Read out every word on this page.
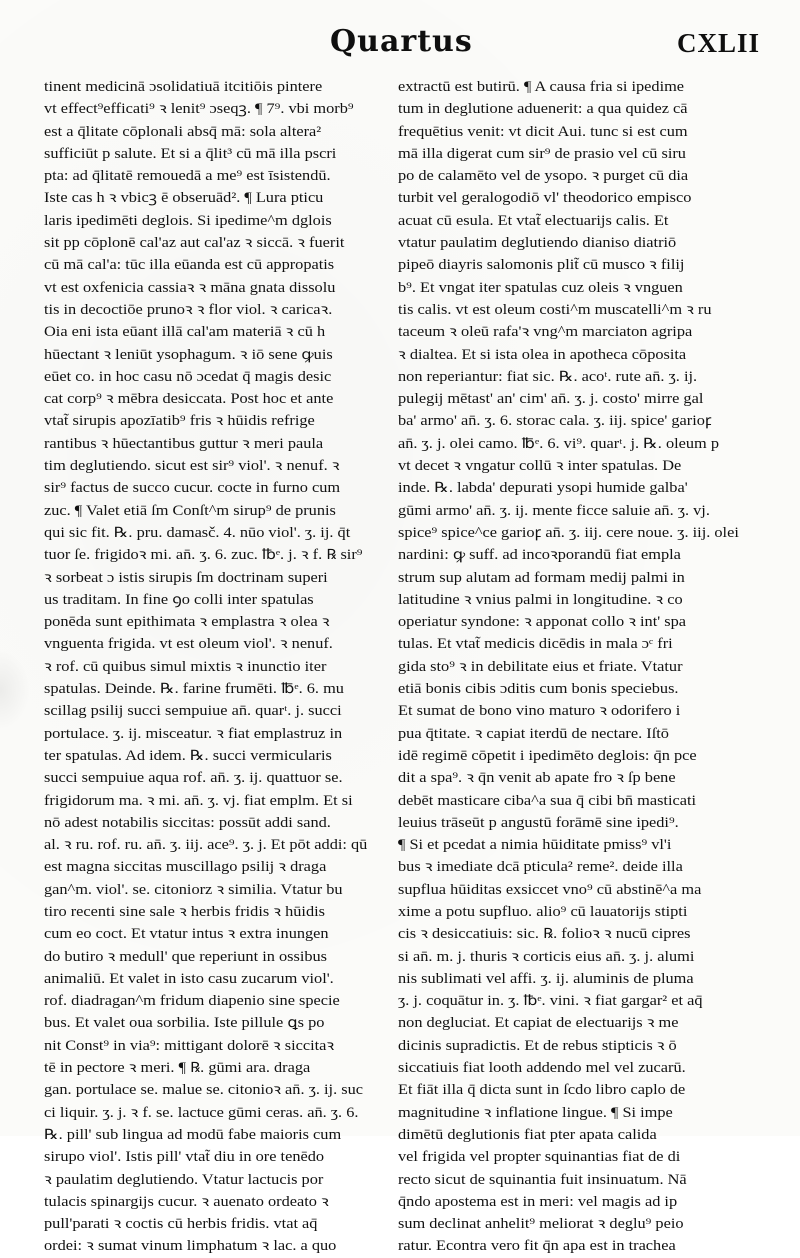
Quartus	CXLII
tinent medicinā ɔsolidatiuā itcitiōis pintere
vt effect⁹efficati⁹ ꝛ lenit⁹ ɔseqꝫ. ¶ 7⁹. vbi morb⁹
est a q̄litate cōplonali absq̄ mā: sola altera²
sufficiūt p salute. Et si a q̄lit³ cū mā illa pscri
pta: ad q̄litatē remouedā a me⁹ est īsistendū.
Iste cas h ꝛ vbicꝫ ē obseruād². ¶ Lura pticu
laris ipedimēti deglois. Si ipedime^m dglois
sit pp cōplonē cal'az aut cal'az ꝛ siccā. ꝛ fuerit
cū mā cal'a: tūc illa eūanda est cū appropatis
vt est oxfenicia cassiaꝛ ꝛ māna gnata dissolu
tis in decoctiōe prunoꝛ ꝛ flor viol. ꝛ caricaꝛ.
Oia eni ista eūant illā cal'am materiā ꝛ cū h
hūectant ꝛ leniūt ysophagum. ꝛ iō sene ꝙuis
eūet co. in hoc casu nō ɔcedat q̄ magis desic
cat corp⁹ ꝛ mēbra desiccata. Post hoc et ante
vtat̃ sirupis apozīatib⁹ fris ꝛ hūidis refrige
rantibus ꝛ hūectantibus guttur ꝛ meri paula
tim deglutiendo. sicut est sir⁹ viol'. ꝛ nenuf. ꝛ
sir⁹ factus de succo cucur. cocte in furno cum
zuc. ¶ Valet etiā ſm Conſt^m sirup⁹ de prunis
qui sic fit. ℞. pru. damasč. 4. nūo viol'. ʒ. ij. q̄t
tuor ſe. frigidoꝛ mi. an̄. ʒ. 6. zuc. ℔ᵉ. j. ꝛ f. ℞ sir⁹
ꝛ sorbeat ɔ istis sirupis ſm doctrinam superi
us traditam. In fine ꝯo colli inter spatulas
ponēda sunt epithimata ꝛ emplastra ꝛ olea ꝛ
vnguenta frigida. vt est oleum viol'. ꝛ nenuf.
ꝛ rof. cū quibus simul mixtis ꝛ inunctio iter
spatulas. Deinde. ℞. farine frumēti. ℔ᵉ. 6. mu
scillag psilij succi sempuiue an̄. quarᵗ. j. succi
portulace. ʒ. ij. misceatur. ꝛ fiat emplastruz in
ter spatulas. Ad idem. ℞. succi vermicularis
succi sempuiue aqua rof. an̄. ʒ. ij. quattuor se.
frigidorum ma. ꝛ mi. an̄. ʒ. vj. fiat emplm. Et si
nō adest notabilis siccitas: possūt addi sand.
al. ꝛ ru. rof. ru. an̄. ʒ. iij. ace⁹. ʒ. j. Et pōt addi: qū
est magna siccitas muscillago psilij ꝛ draga
gan^m. viol'. se. citoniorz ꝛ similia. Vtatur bu
tiro recenti sine sale ꝛ herbis fridis ꝛ hūidis
cum eo coct. Et vtatur intus ꝛ extra inungen
do butiro ꝛ medull' que reperiunt in ossibus
animaliū. Et valet in isto casu zucarum viol'.
rof. diadragan^m fridum diapenio sine specie
bus. Et valet oua sorbilia. Iste pillule ꝗs po
nit Const⁹ in via⁹: mittigant dolorē ꝛ siccitaꝛ
tē in pectore ꝛ meri. ¶ ℞. gūmi ara. draga
gan. portulace se. malue se. citonioꝛ an̄. ʒ. ij. suc
ci liquir. ʒ. j. ꝛ f. se. lactuce gūmi ceras. an̄. ʒ. 6.
℞. pill' sub lingua ad modū fabe maioris cum
sirupo viol'. Istis pill' vtat̃ diu in ore tenēdo
ꝛ paulatim deglutiendo. Vtatur lactucis por
tulacis spinargijs cucur. ꝛ auenato ordeato ꝛ
pull'parati ꝛ coctis cū herbis fridis. vtat aq̄
ordei: ꝛ sumat vinum limphatum ꝛ lac. a quo
extractū est butirū. ¶ A causa fria si ipedime
tum in deglutione aduenerit: a qua quidez cā
frequētius venit: vt dicit Aui. tunc si est cum
mā illa digerat cum sir⁹ de prasio vel cū siru
po de calamēto vel de ysopo. ꝛ purget cū dia
turbit vel geralogodiō vl' theodorico empisco
acuat cū esula. Et vtat̃ electuarijs calis. Et
vtatur paulatim deglutiendo dianiso diatriō
pipeō diayris salomonis plit̃ cū musco ꝛ filij
b⁹. Et vngat iter spatulas cuz oleis ꝛ vnguen
tis calis. vt est oleum costi^m muscatelli^m ꝛ ru
taceum ꝛ oleū rafa'ꝛ vng^m marciaton agripa
ꝛ dialtea. Et si ista olea in apotheca cōposita
non reperiantur: fiat sic. ℞. acoᵗ. rute an̄. ʒ. ij.
pulegij mētast' an' cim' an̄. ʒ. j. costo' mirre gal
ba' armo' an̄. ʒ. 6. storac cala. ʒ. iij. spice' garioꝼ
an̄. ʒ. j. olei camo. ℔ᵉ. 6. vi⁹. quarᵗ. j. ℞. oleum p
vt decet ꝛ vngatur collū ꝛ inter spatulas. De
inde. ℞. labda' depurati ysopi humide galba'
gūmi armo' an̄. ʒ. ij. mente ficce saluie an̄. ʒ. vj.
spice⁹ spice^ce garioꝼ an̄. ʒ. iij. cere noue. ʒ. iij. olei
nardini: ꝙ suff. ad incoꝛporandū fiat empla
strum sup alutam ad formam medij palmi in
latitudine ꝛ vnius palmi in longitudine. ꝛ co
operiatur syndone: ꝛ apponat collo ꝛ int' spa
tulas. Et vtat̃ medicis dicēdis in mala ɔᶜ fri
gida sto⁹ ꝛ in debilitate eius et friate. Vtatur
etiā bonis cibis ɔditis cum bonis speciebus.
Et sumat de bono vino maturo ꝛ odorifero i
pua q̄titate. ꝛ capiat iterdū de nectare. Iſtō
idē regimē cōpetit i ipedimēto deglois: q̄n pce
dit a spa⁹. ꝛ q̄n venit ab apate fro ꝛ ſp bene
debēt masticare ciba^a sua q̄ cibi bn̄ masticati
leuius trāseūt p angustū forāmē sine ipedi⁹.
¶ Si et pcedat a nimia hūiditate pmiss⁹ vl'i
bus ꝛ imediate dcā pticula² reme². deide illa
supflua hūiditas exsiccet vno⁹ cū abstinē^a ma
xime a potu supfluo. alio⁹ cū lauatorijs stipti
cis ꝛ desiccatiuis: sic. ℞. folioꝛ ꝛ nucū cipres
si an̄. m. j. thuris ꝛ corticis eius an̄. ʒ. j. alumi
nis sublimati vel affi. ʒ. ij. aluminis de pluma
ʒ. j. coquātur in. ʒ. ℔ᵉ. vini. ꝛ fiat gargar² et aq̄
non degluciat. Et capiat de electuarijs ꝛ me
dicinis supradictis. Et de rebus stipticis ꝛ ō
siccatiuis fiat looth addendo mel vel zucarū.
Et fiāt illa q̄ dicta sunt in ſcdo libro caplo de
magnitudine ꝛ inflatione lingue. ¶ Si impe
dimētū deglutionis fiat pter apata calida
vel frigida vel propter squinantias fiat de di
recto sicut de squinantia fuit insinuatum. Nā
q̄ndo apostema est in meri: vel magis ad ip
sum declinat anhelit⁹ meliorat ꝛ deglu⁹ peio
ratur. Econtra vero fit q̄n apa est in trachea
